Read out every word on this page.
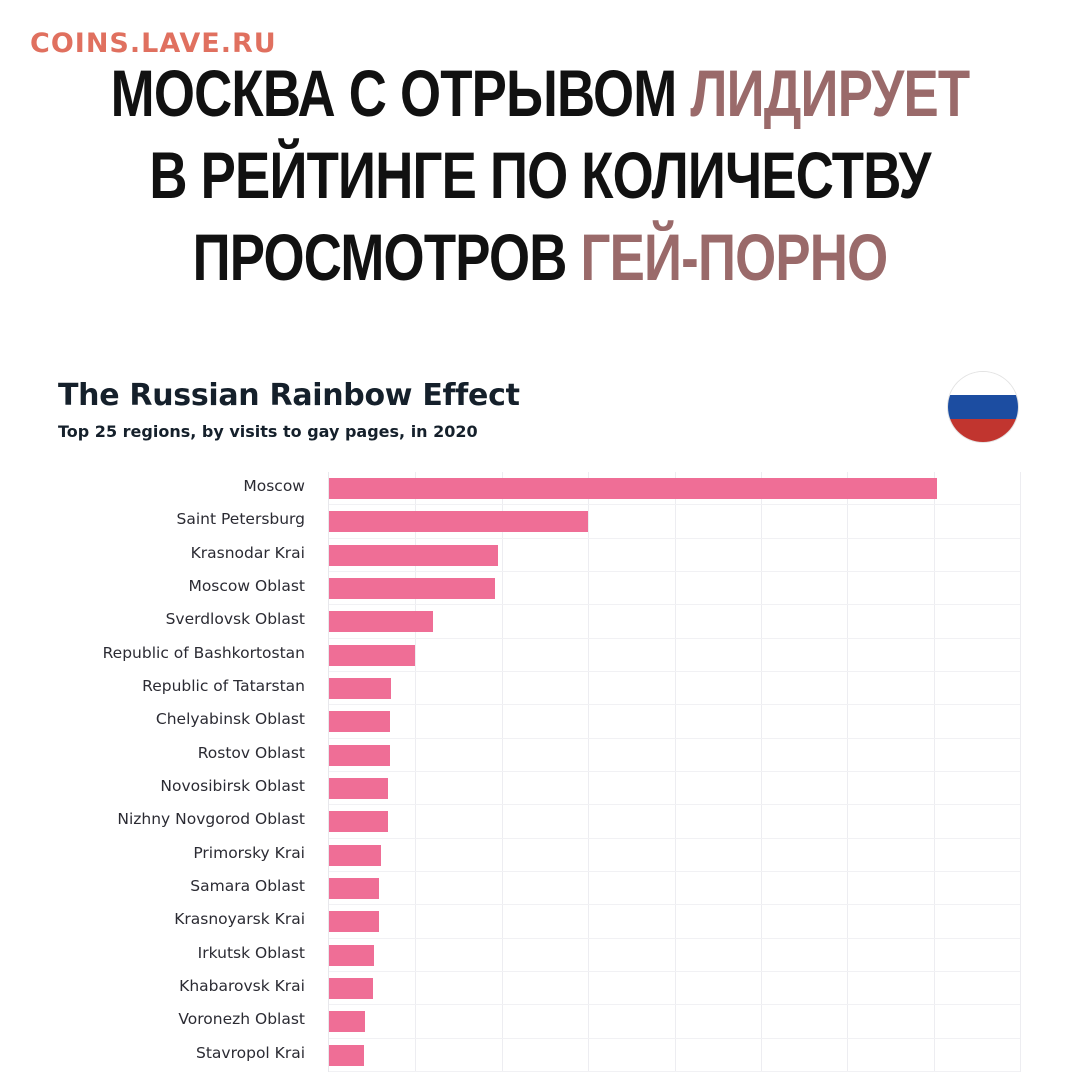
COINS.LAVE.RU
МОСКВА С ОТРЫВОМ ЛИДИРУЕТ
В РЕЙТИНГЕ ПО КОЛИЧЕСТВУ
ПРОСМОТРОВ ГЕЙ-ПОРНО
The Russian Rainbow Effect
Top 25 regions, by visits to gay pages, in 2020
Moscow
Saint Petersburg
Krasnodar Krai
Moscow Oblast
Sverdlovsk Oblast
Republic of Bashkortostan
Republic of Tatarstan
Chelyabinsk Oblast
Rostov Oblast
Novosibirsk Oblast
Nizhny Novgorod Oblast
Primorsky Krai
Samara Oblast
Krasnoyarsk Krai
Irkutsk Oblast
Khabarovsk Krai
Voronezh Oblast
Stavropol Krai
